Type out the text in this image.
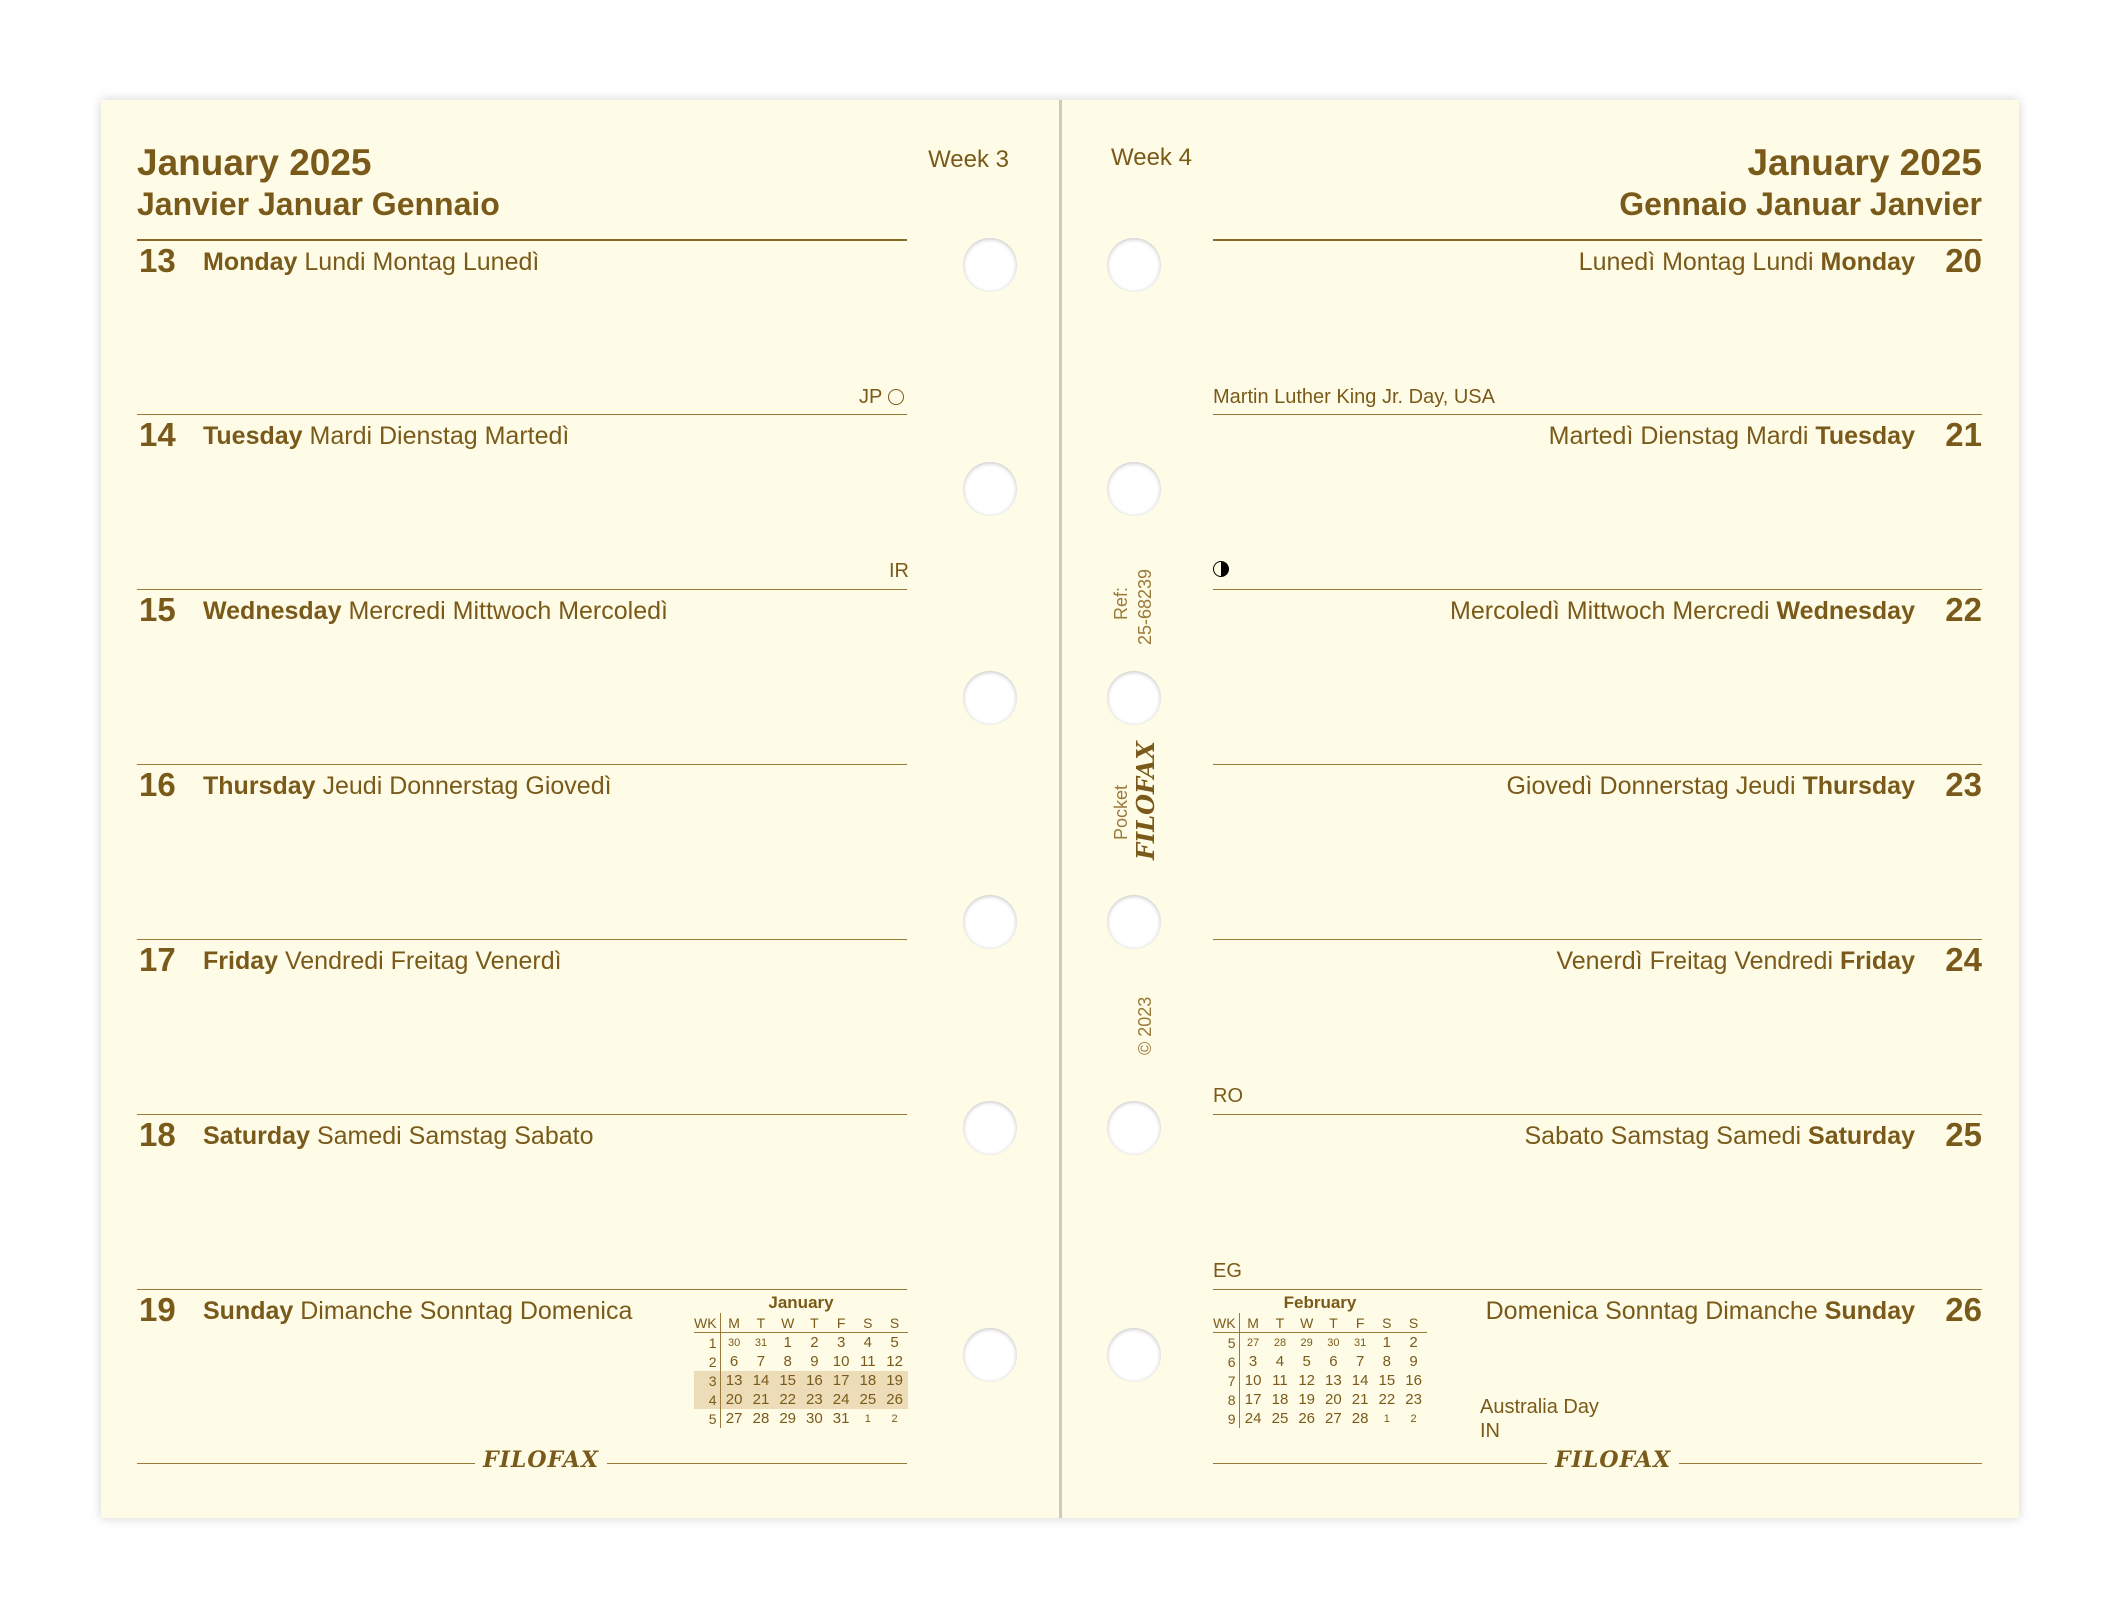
January 2025
Janvier Januar Gennaio
Week 3
13 Monday Lundi Montag Lunedì
JP
14 Tuesday Mardi Dienstag Martedì
IR
15 Wednesday Mercredi Mittwoch Mercoledì
16 Thursday Jeudi Donnerstag Giovedì
17 Friday Vendredi Freitag Venerdì
18 Saturday Samedi Samstag Sabato
19 Sunday Dimanche Sonntag Domenica	January
WK	M	T	W	T	F	S	S
1	30	31	1	2	3	4	5
2	6	7	8	9	10	11	12
3	13	14	15	16	17	18	19
4	20	21	22	23	24	25	26
5	27	28	29	30	31	1	2
FILOFAX
Week 4	January 2025
Gennaio Januar Janvier
Ref: 25-68239
Pocket FILOFAX
© 2023
20
Lunedì Montag Lundi Monday
Martin Luther King Jr. Day, USA
21
Martedì Dienstag Mardi Tuesday
22
Mercoledì Mittwoch Mercredi Wednesday
23
Giovedì Donnerstag Jeudi Thursday
24
Venerdì Freitag Vendredi Friday
RO
25
Sabato Samstag Samedi Saturday
EG
26
Domenica Sonntag Dimanche Sunday
Australia Day
IN
February
WK	M	T	W	T	F	S	S
5	27	28	29	30	31	1	2
6	3	4	5	6	7	8	9
7	10	11	12	13	14	15	16
8	17	18	19	20	21	22	23
9	24	25	26	27	28	1	2
FILOFAX
